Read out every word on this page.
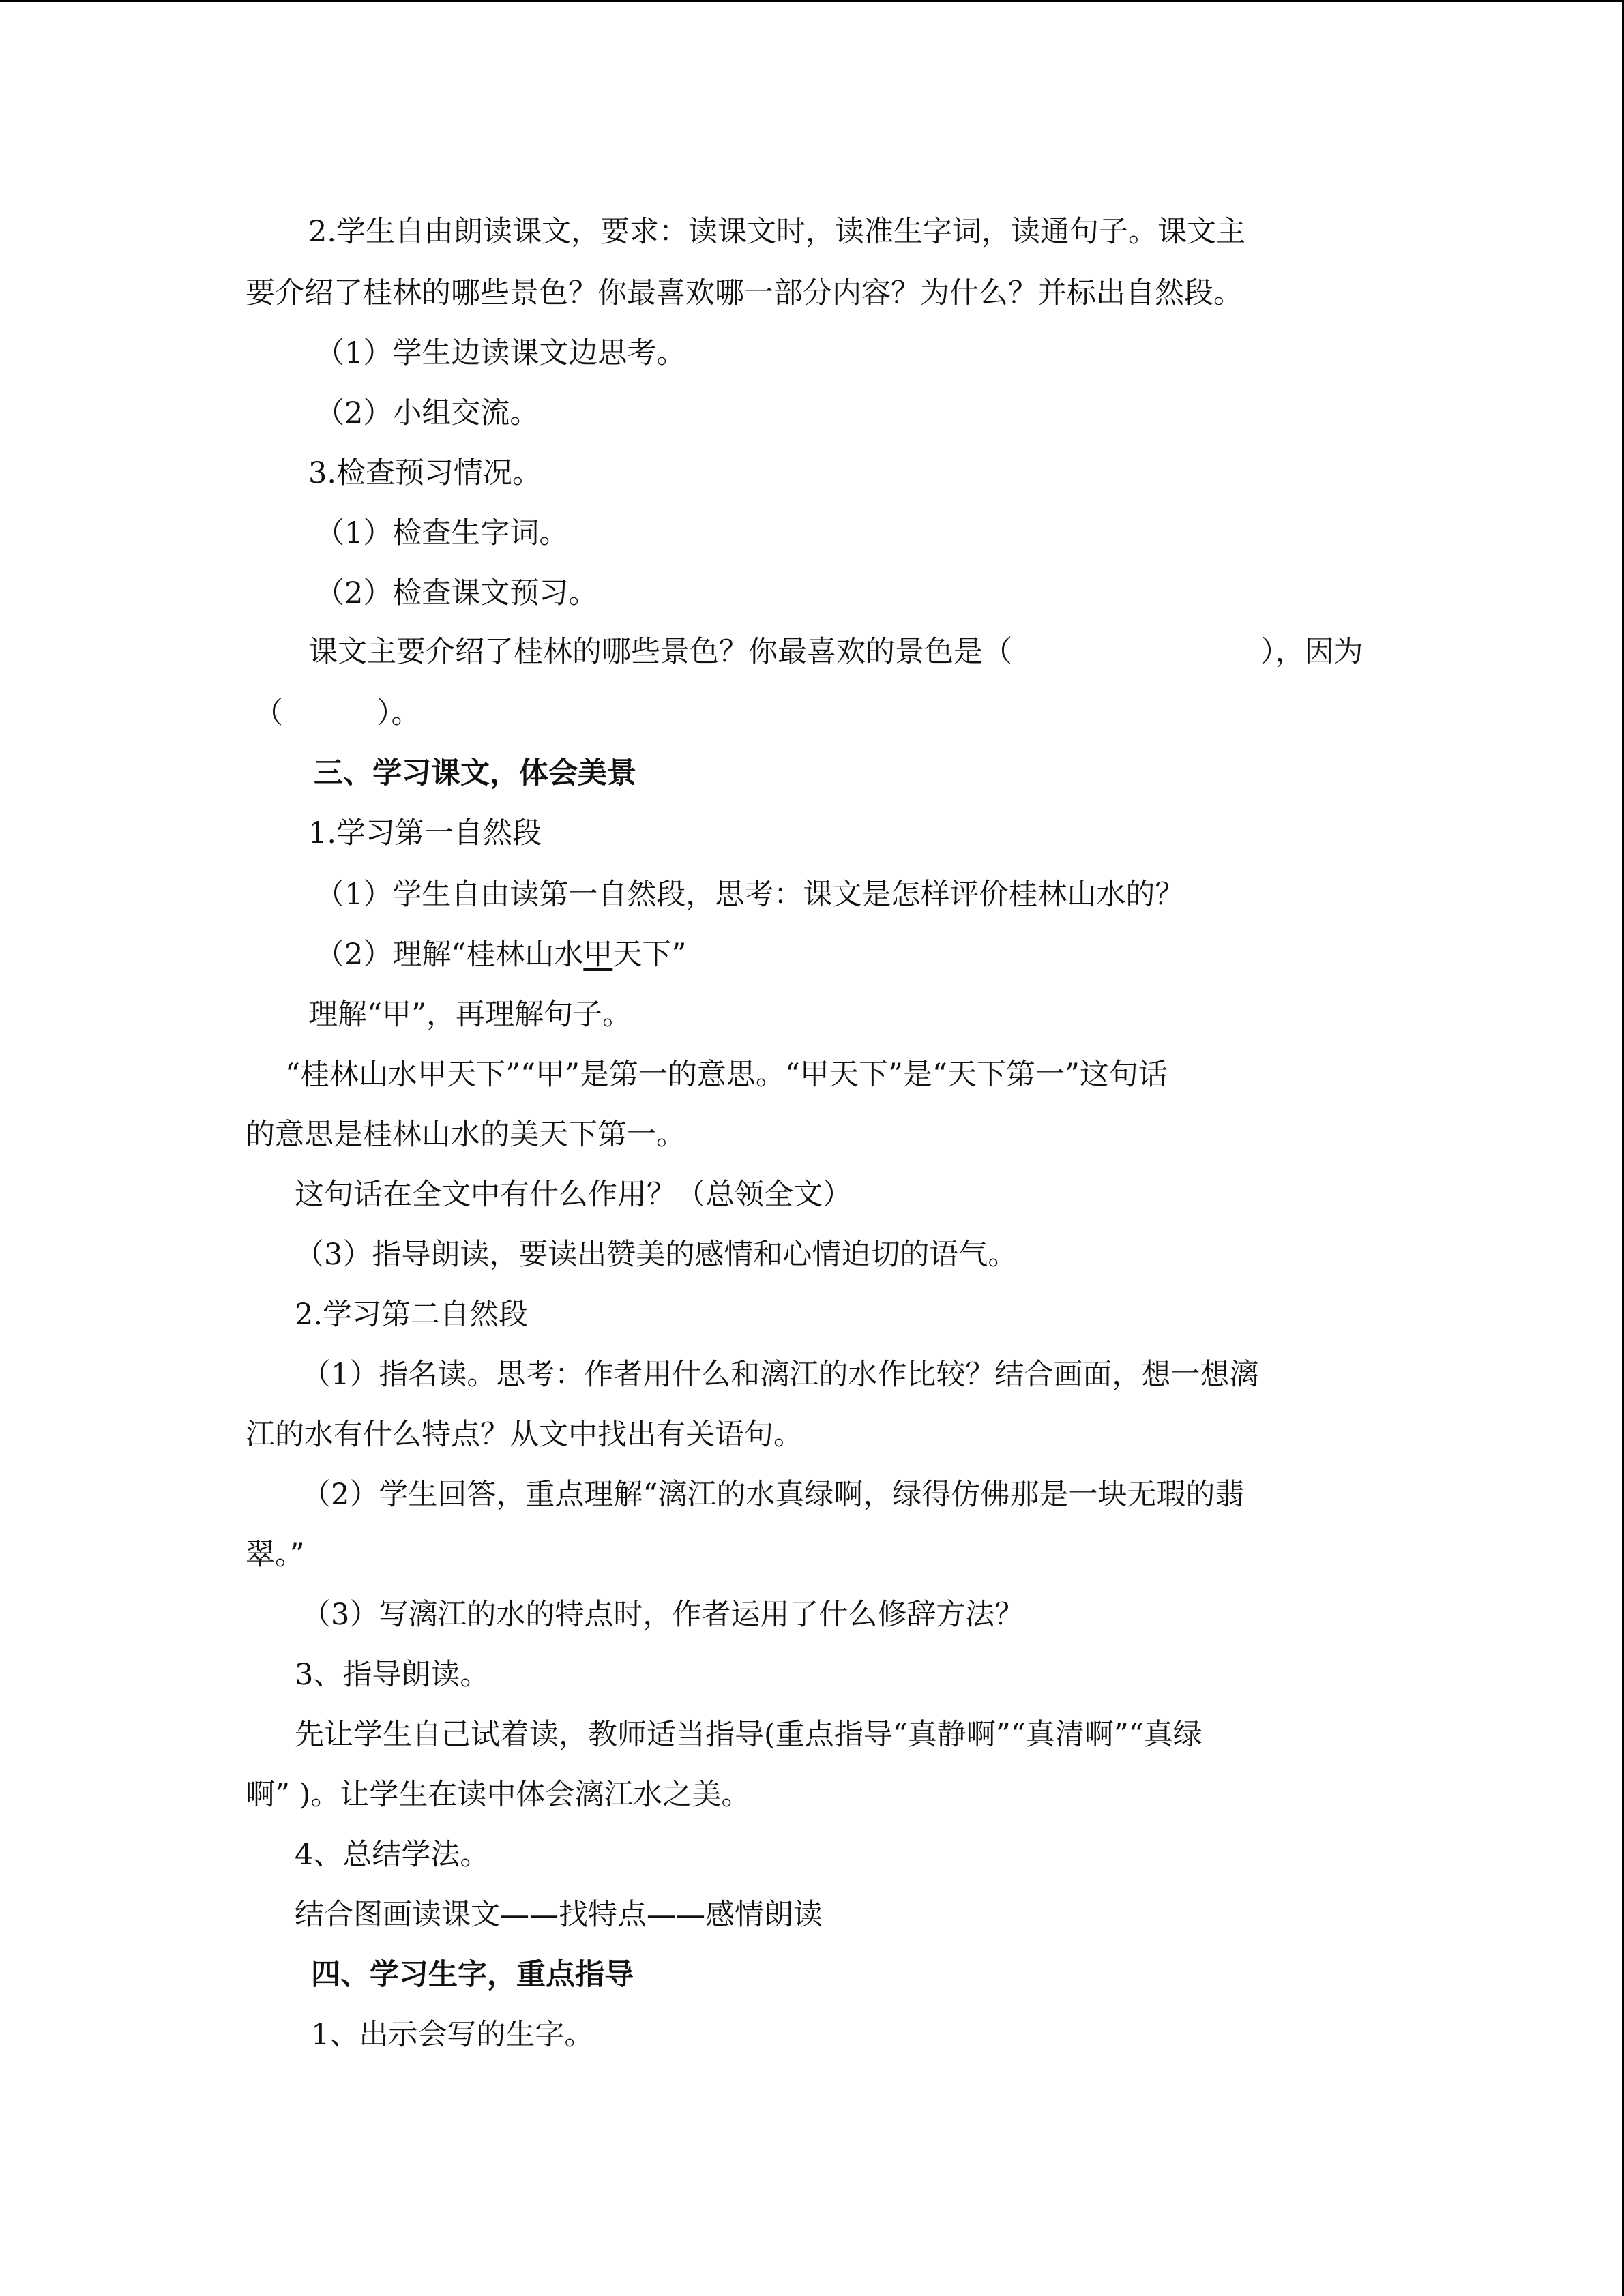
2.学生自由朗读课文，要求：读课文时，读准生字词，读通句子。课文主
要介绍了桂林的哪些景色？你最喜欢哪一部分内容？为什么？并标出自然段。
（1）学生边读课文边思考。
（2）小组交流。
3.检查预习情况。
（1）检查生字词。
（2）检查课文预习。
课文主要介绍了桂林的哪些景色？你最喜欢的景色是（	），因为
（	）。
三、学习课文，体会美景
1.学习第一自然段
（1）学生自由读第一自然段，思考：课文是怎样评价桂林山水的？
（2）理解“桂林山水甲天下”
理解“甲”，再理解句子。
“桂林山水甲天下”“甲”是第一的意思。“甲天下”是“天下第一”这句话
的意思是桂林山水的美天下第一。
这句话在全文中有什么作用？（总领全文）
（3）指导朗读，要读出赞美的感情和心情迫切的语气。
2.学习第二自然段
（1）指名读。思考：作者用什么和漓江的水作比较？结合画面，想一想漓
江的水有什么特点？从文中找出有关语句。
（2）学生回答，重点理解“漓江的水真绿啊，绿得仿佛那是一块无瑕的翡
翠。”
（3）写漓江的水的特点时，作者运用了什么修辞方法？
3、指导朗读。
先让学生自己试着读，教师适当指导(重点指导“真静啊”“真清啊”“真绿
啊” )。让学生在读中体会漓江水之美。
4、总结学法。
结合图画读课文——找特点——感情朗读
四、学习生字，重点指导
1、出示会写的生字。
